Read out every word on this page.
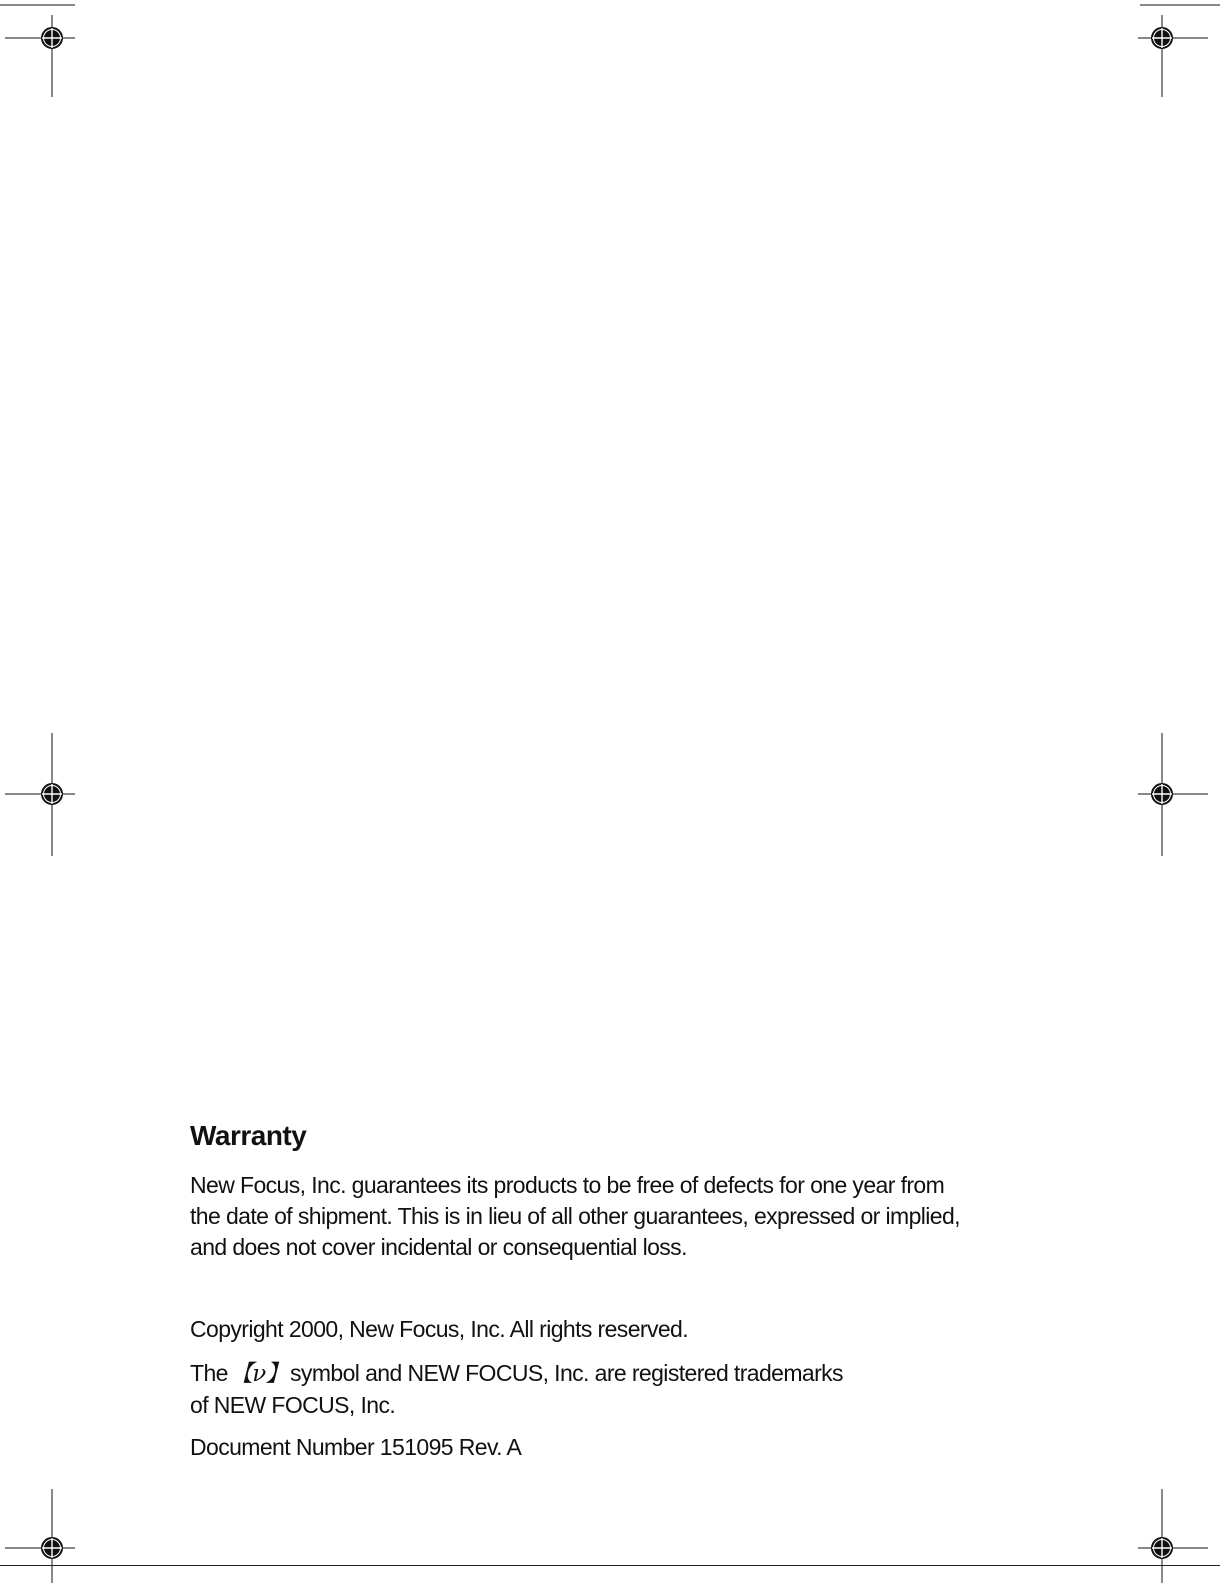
Warranty

New Focus, Inc. guarantees its products to be free of defects for one year from
the date of shipment. This is in lieu of all other guarantees, expressed or implied,
and does not cover incidental or consequential loss.

Copyright 2000, New Focus, Inc. All rights reserved.
The【ν】symbol and NEW FOCUS, Inc. are registered trademarks
of NEW FOCUS, Inc.
Document Number 151095 Rev. A
